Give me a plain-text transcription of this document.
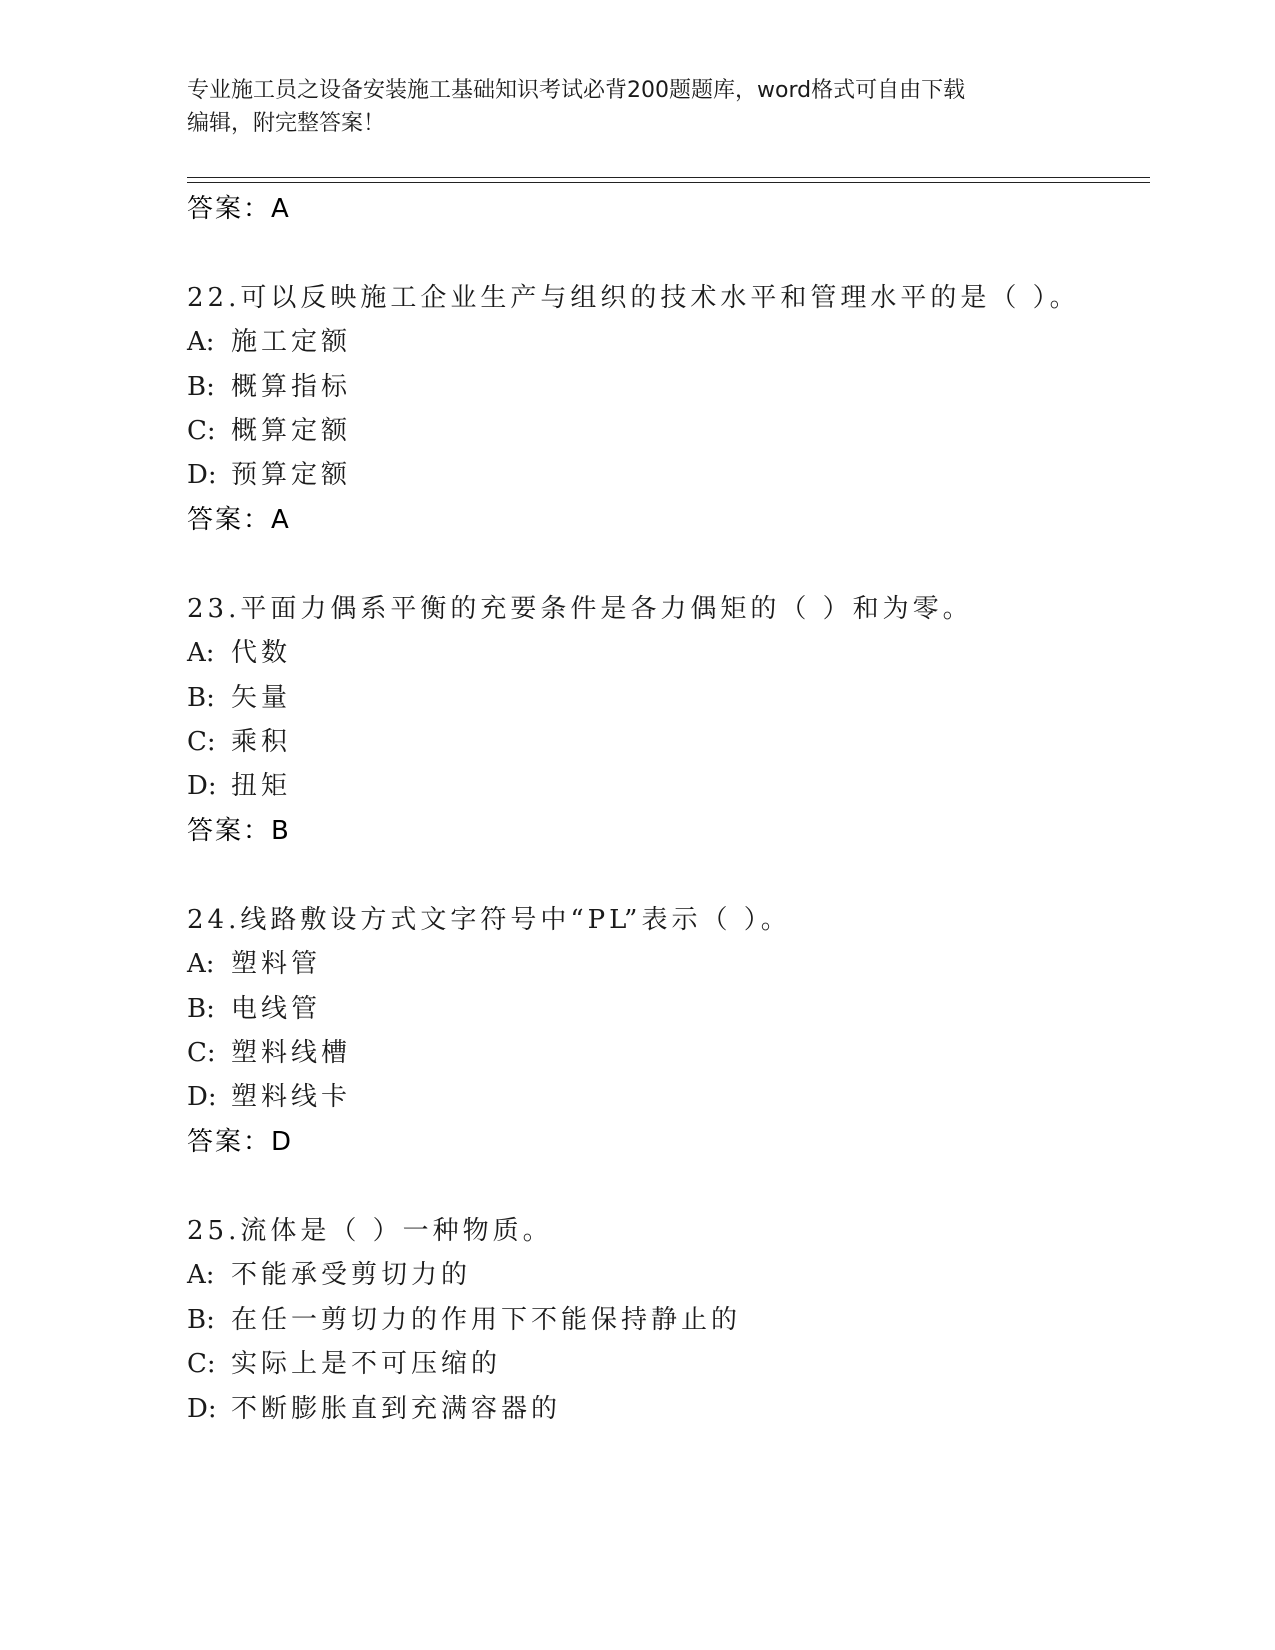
专业施工员之设备安装施工基础知识考试必背200题题库，word格式可自由下载
编辑，附完整答案！
答案：A
22.可以反映施工企业生产与组织的技术水平和管理水平的是（ ）。
A: 施工定额
B: 概算指标
C: 概算定额
D: 预算定额
答案：A
23.平面力偶系平衡的充要条件是各力偶矩的（ ）和为零。
A: 代数
B: 矢量
C: 乘积
D: 扭矩
答案：B
24.线路敷设方式文字符号中“PL”表示（ ）。
A: 塑料管
B: 电线管
C: 塑料线槽
D: 塑料线卡
答案：D
25.流体是（ ）一种物质。
A: 不能承受剪切力的
B: 在任一剪切力的作用下不能保持静止的
C: 实际上是不可压缩的
D: 不断膨胀直到充满容器的
